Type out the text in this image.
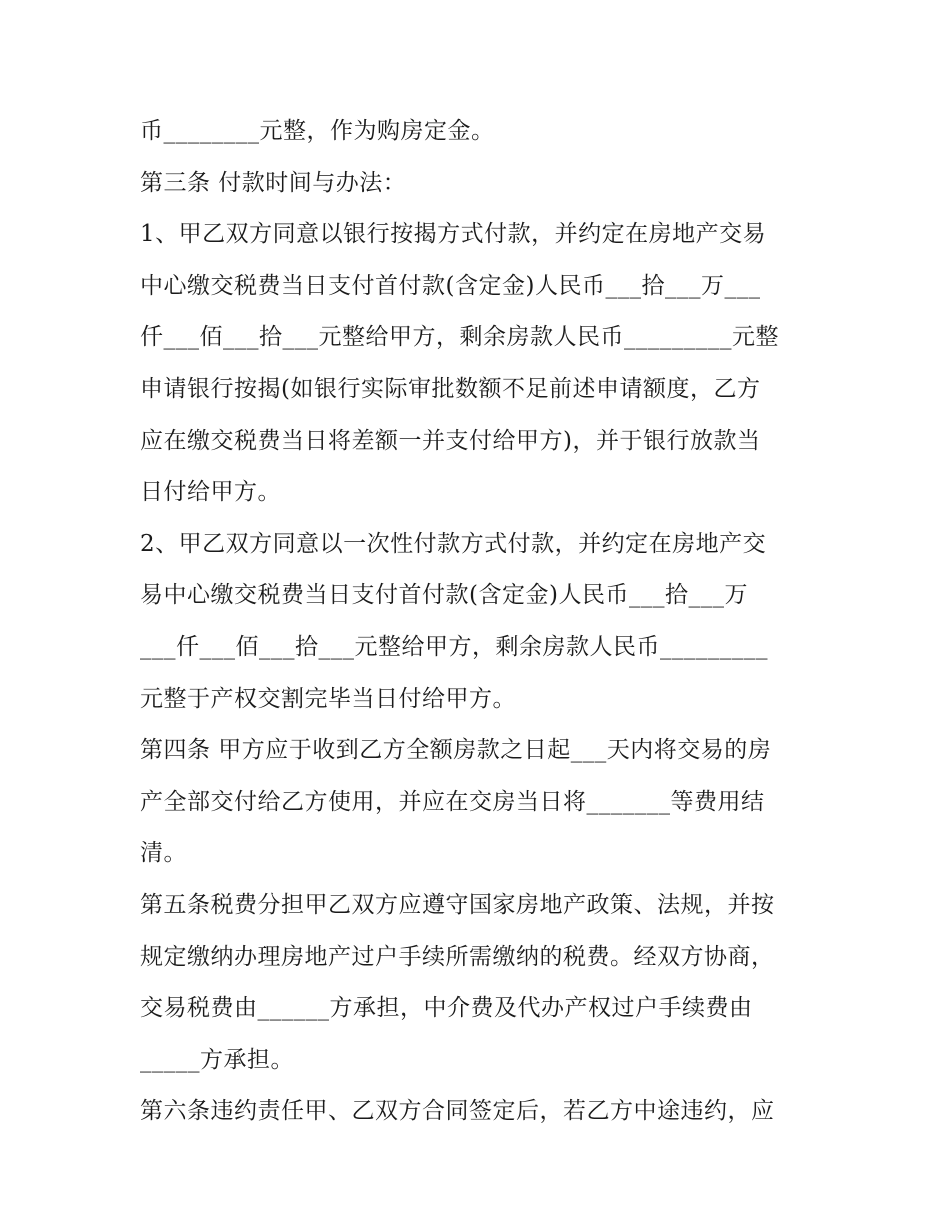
币________元整，作为购房定金。
第三条 付款时间与办法：
1、甲乙双方同意以银行按揭方式付款，并约定在房地产交易
中心缴交税费当日支付首付款(含定金)人民币___拾___万___
仟___佰___拾___元整给甲方，剩余房款人民币_________元整
申请银行按揭(如银行实际审批数额不足前述申请额度，乙方
应在缴交税费当日将差额一并支付给甲方)，并于银行放款当
日付给甲方。
2、甲乙双方同意以一次性付款方式付款，并约定在房地产交
易中心缴交税费当日支付首付款(含定金)人民币___拾___万
___仟___佰___拾___元整给甲方，剩余房款人民币_________
元整于产权交割完毕当日付给甲方。
第四条 甲方应于收到乙方全额房款之日起___天内将交易的房
产全部交付给乙方使用，并应在交房当日将_______等费用结
清。
第五条税费分担甲乙双方应遵守国家房地产政策、法规，并按
规定缴纳办理房地产过户手续所需缴纳的税费。经双方协商，
交易税费由______方承担，中介费及代办产权过户手续费由
_____方承担。
第六条违约责任甲、乙双方合同签定后，若乙方中途违约，应
